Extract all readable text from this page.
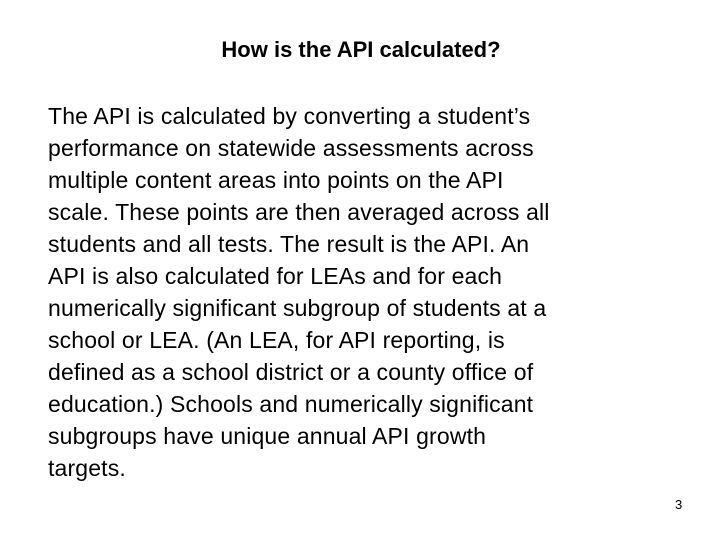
How is the API calculated?
The API is calculated by converting a student’s
performance on statewide assessments across
multiple content areas into points on the API
scale. These points are then averaged across all
students and all tests. The result is the API. An
API is also calculated for LEAs and for each
numerically significant subgroup of students at a
school or LEA. (An LEA, for API reporting, is
defined as a school district or a county office of
education.) Schools and numerically significant
subgroups have unique annual API growth
targets.
3
